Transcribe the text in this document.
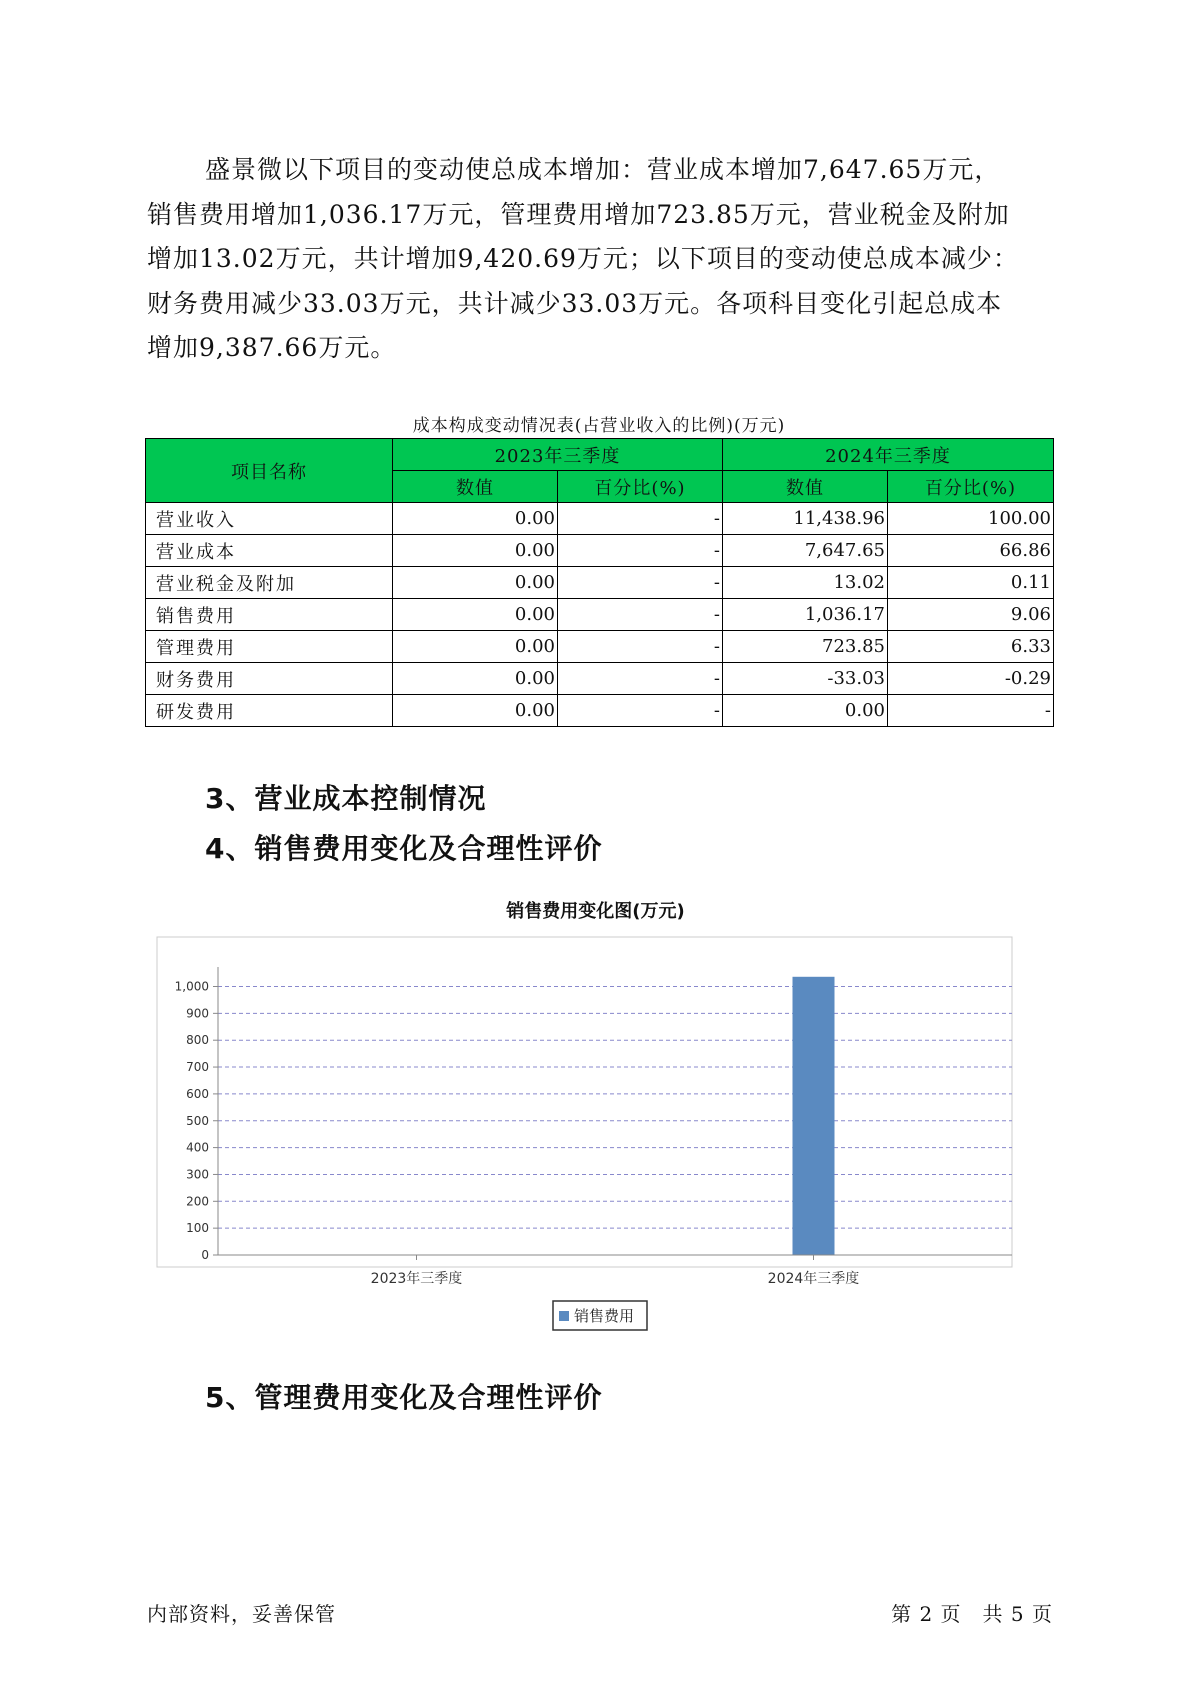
盛景微以下项目的变动使总成本增加：营业成本增加7,647.65万元，

销售费用增加1,036.17万元，管理费用增加723.85万元，营业税金及附加

增加13.02万元，共计增加9,420.69万元；以下项目的变动使总成本减少：

财务费用减少33.03万元，共计减少33.03万元。各项科目变化引起总成本

增加9,387.66万元。

成本构成变动情况表(占营业收入的比例)(万元)
项目名称	2023年三季度		2024年三季度	
	数值	百分比(%)	数值	百分比(%)
营业收入	0.00	-	11,438.96	100.00
营业成本	0.00	-	7,647.65	66.86
营业税金及附加	0.00	-	13.02	0.11
销售费用	0.00	-	1,036.17	9.06
管理费用	0.00	-	723.85	6.33
财务费用	0.00	-	-33.03	-0.29
研发费用	0.00	-	0.00	-
3、营业成本控制情况
4、销售费用变化及合理性评价
销售费用变化图(万元)
0
100
200
300
400
500
600
700
800
900
1,000
2023年三季度	2024年三季度
销售费用
5、管理费用变化及合理性评价
内部资料，妥善保管	第 2 页　共 5 页
